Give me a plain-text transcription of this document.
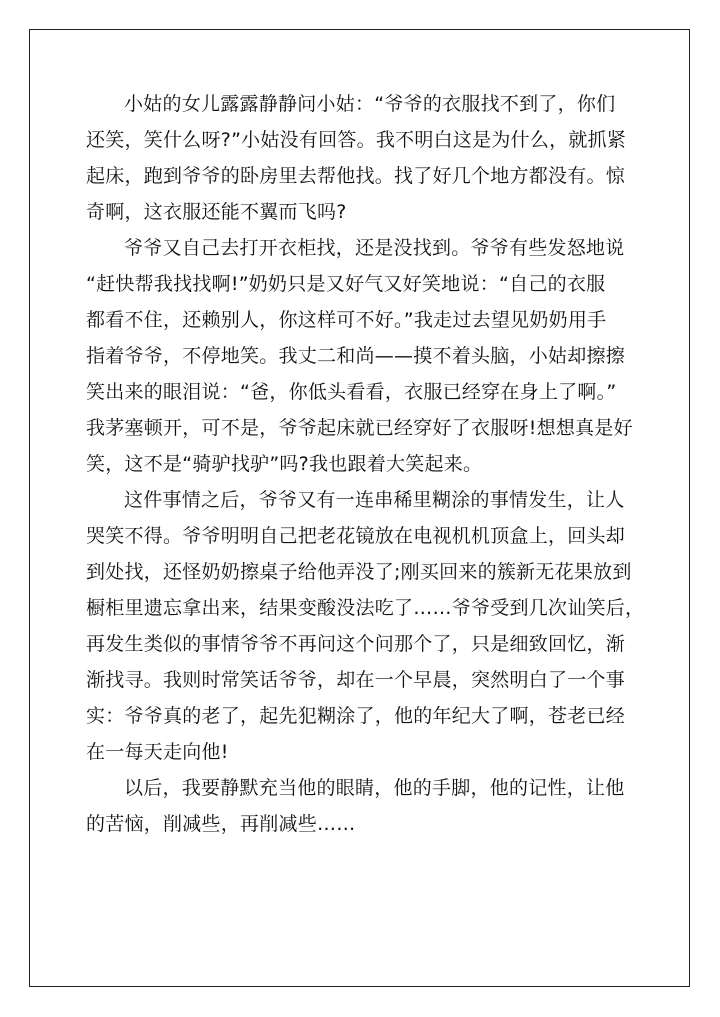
小姑的女儿露露静静问小姑：“爷爷的衣服找不到了，你们

还笑，笑什么呀?”小姑没有回答。我不明白这是为什么，就抓紧

起床，跑到爷爷的卧房里去帮他找。找了好几个地方都没有。惊

奇啊，这衣服还能不翼而飞吗?

爷爷又自己去打开衣柜找，还是没找到。爷爷有些发怒地说

“赶快帮我找找啊!”奶奶只是又好气又好笑地说：“自己的衣服

都看不住，还赖别人，你这样可不好。”我走过去望见奶奶用手

指着爷爷，不停地笑。我丈二和尚——摸不着头脑，小姑却擦擦

笑出来的眼泪说：“爸，你低头看看，衣服已经穿在身上了啊。”

我茅塞顿开，可不是，爷爷起床就已经穿好了衣服呀!想想真是好

笑，这不是“骑驴找驴”吗?我也跟着大笑起来。

这件事情之后，爷爷又有一连串稀里糊涂的事情发生，让人

哭笑不得。爷爷明明自己把老花镜放在电视机机顶盒上，回头却

到处找，还怪奶奶擦桌子给他弄没了;刚买回来的簇新无花果放到

橱柜里遗忘拿出来，结果变酸没法吃了……爷爷受到几次讪笑后，

再发生类似的事情爷爷不再问这个问那个了，只是细致回忆，渐

渐找寻。我则时常笑话爷爷，却在一个早晨，突然明白了一个事

实：爷爷真的老了，起先犯糊涂了，他的年纪大了啊，苍老已经

在一每天走向他!

以后，我要静默充当他的眼睛，他的手脚，他的记性，让他

的苦恼，削减些，再削减些……
